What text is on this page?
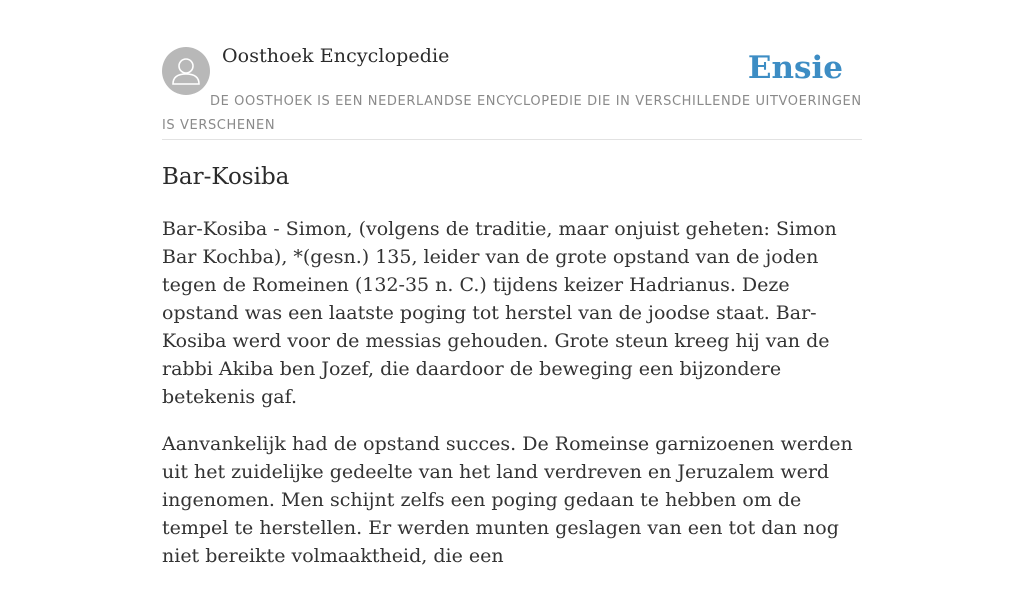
Oosthoek Encyclopedie	Ensie
DE OOSTHOEK IS EEN NEDERLANDSE ENCYCLOPEDIE DIE IN VERSCHILLENDE UITVOERINGEN IS VERSCHENEN
Bar-Kosiba

Bar-Kosiba - Simon, (volgens de traditie, maar onjuist geheten: Simon Bar Kochba), *(gesn.) 135, leider van de grote opstand van de joden tegen de Romeinen (132-35 n. C.) tijdens keizer Hadrianus. Deze opstand was een laatste poging tot herstel van de joodse staat. Bar-Kosiba werd voor de messias gehouden. Grote steun kreeg hij van de rabbi Akiba ben Jozef, die daardoor de beweging een bijzondere betekenis gaf.

Aanvankelijk had de opstand succes. De Romeinse garnizoenen werden uit het zuidelijke gedeelte van het land verdreven en Jeruzalem werd ingenomen. Men schijnt zelfs een poging gedaan te hebben om de tempel te herstellen. Er werden munten geslagen van een tot dan nog niet bereikte volmaaktheid, die een
